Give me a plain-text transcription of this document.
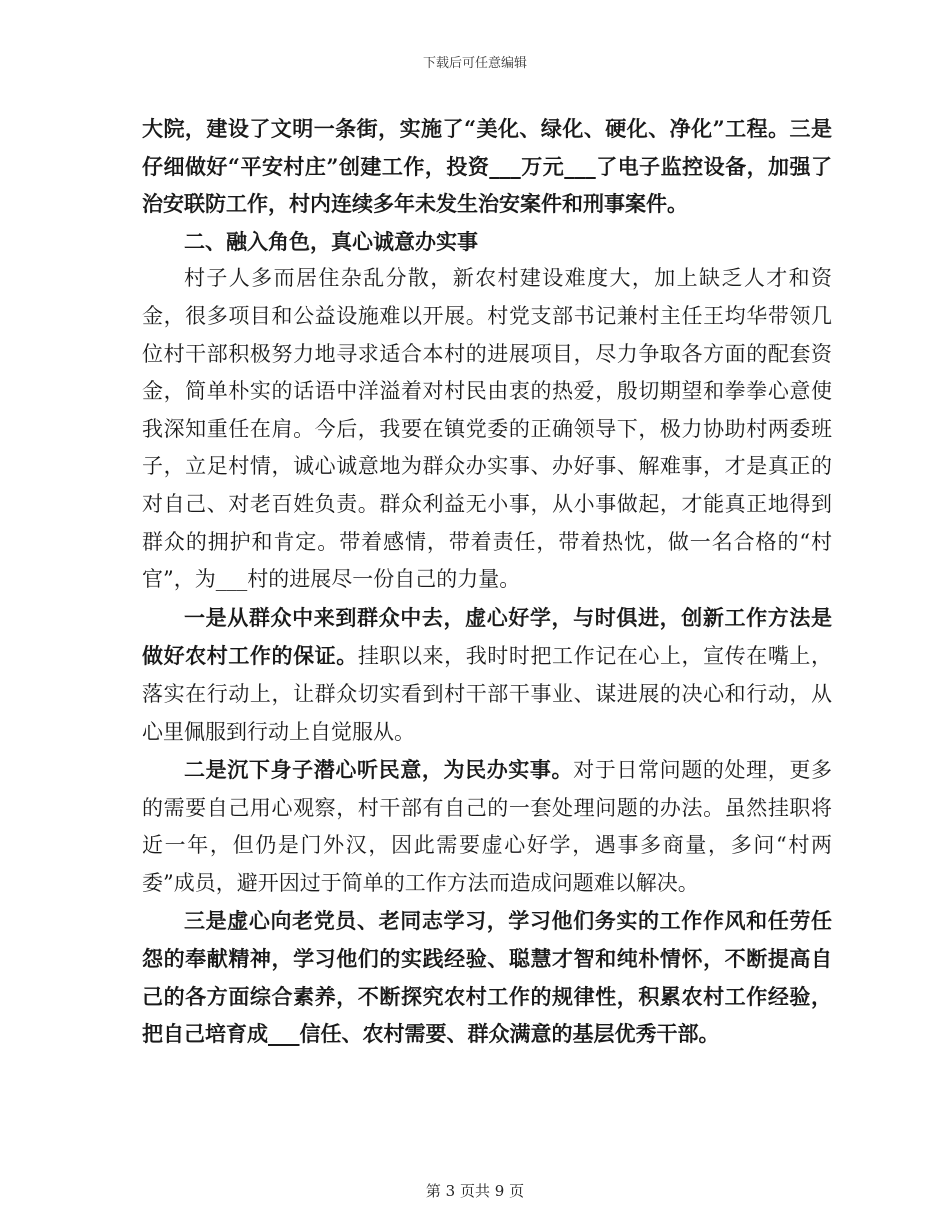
下载后可任意编辑

大院，建设了文明一条街，实施了“美化、绿化、硬化、净化”工程。三是仔细做好“平安村庄”创建工作，投资___万元___了电子监控设备，加强了治安联防工作，村内连续多年未发生治安案件和刑事案件。

二、融入角色，真心诚意办实事

村子人多而居住杂乱分散，新农村建设难度大，加上缺乏人才和资金，很多项目和公益设施难以开展。村党支部书记兼村主任王均华带领几位村干部积极努力地寻求适合本村的进展项目，尽力争取各方面的配套资金，简单朴实的话语中洋溢着对村民由衷的热爱，殷切期望和拳拳心意使我深知重任在肩。今后，我要在镇党委的正确领导下，极力协助村两委班子，立足村情，诚心诚意地为群众办实事、办好事、解难事，才是真正的对自己、对老百姓负责。群众利益无小事，从小事做起，才能真正地得到群众的拥护和肯定。带着感情，带着责任，带着热忱，做一名合格的“村官”，为___村的进展尽一份自己的力量。

一是从群众中来到群众中去，虚心好学，与时俱进，创新工作方法是做好农村工作的保证。挂职以来，我时时把工作记在心上，宣传在嘴上，落实在行动上，让群众切实看到村干部干事业、谋进展的决心和行动，从心里佩服到行动上自觉服从。

二是沉下身子潜心听民意，为民办实事。对于日常问题的处理，更多的需要自己用心观察，村干部有自己的一套处理问题的办法。虽然挂职将近一年，但仍是门外汉，因此需要虚心好学，遇事多商量，多问“村两委”成员，避开因过于简单的工作方法而造成问题难以解决。

三是虚心向老党员、老同志学习，学习他们务实的工作作风和任劳任怨的奉献精神，学习他们的实践经验、聪慧才智和纯朴情怀，不断提高自己的各方面综合素养，不断探究农村工作的规律性，积累农村工作经验，把自己培育成___信任、农村需要、群众满意的基层优秀干部。

第 3 页共 9 页
